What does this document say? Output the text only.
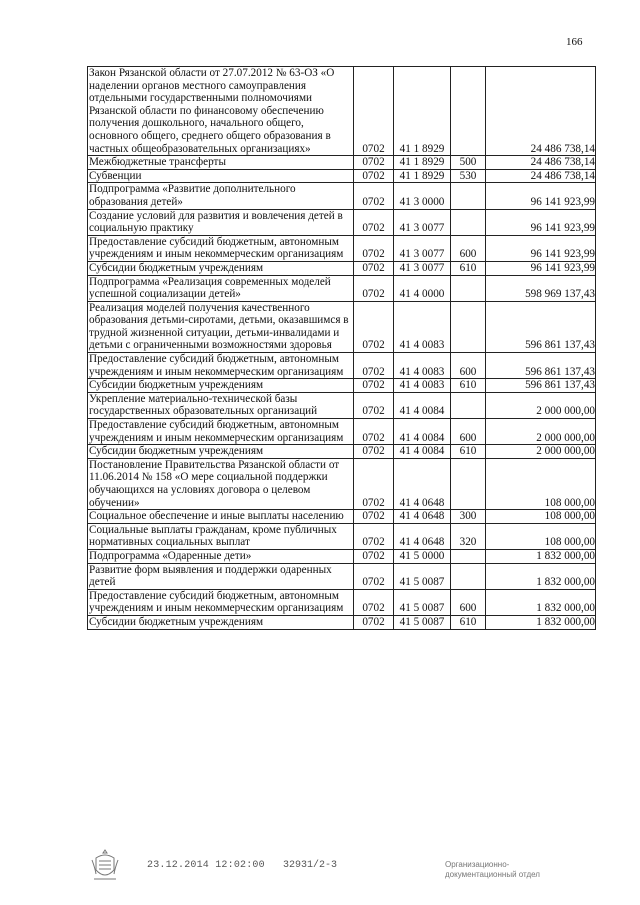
166
Закон Рязанской области от 27.07.2012 № 63-ОЗ «О наделении органов местного самоуправления отдельными государственными полномочиями Рязанской области по финансовому обеспечению получения дошкольного, начального общего, основного общего, среднего общего образования в частных общеобразовательных организациях»	0702	41 1 8929		24 486 738,14
Межбюджетные трансферты	0702	41 1 8929	500	24 486 738,14
Субвенции	0702	41 1 8929	530	24 486 738,14
Подпрограмма «Развитие дополнительного образования детей»	0702	41 3 0000		96 141 923,99
Создание условий для развития и вовлечения детей в социальную практику	0702	41 3 0077		96 141 923,99
Предоставление субсидий бюджетным, автономным учреждениям и иным некоммерческим организациям	0702	41 3 0077	600	96 141 923,99
Субсидии бюджетным учреждениям	0702	41 3 0077	610	96 141 923,99
Подпрограмма «Реализация современных моделей успешной социализации детей»	0702	41 4 0000		598 969 137,43
Реализация моделей получения качественного образования детьми-сиротами, детьми, оказавшимся в трудной жизненной ситуации, детьми-инвалидами и детьми с ограниченными возможностями здоровья	0702	41 4 0083		596 861 137,43
Предоставление субсидий бюджетным, автономным учреждениям и иным некоммерческим организациям	0702	41 4 0083	600	596 861 137,43
Субсидии бюджетным учреждениям	0702	41 4 0083	610	596 861 137,43
Укрепление материально-технической базы государственных образовательных организаций	0702	41 4 0084		2 000 000,00
Предоставление субсидий бюджетным, автономным учреждениям и иным некоммерческим организациям	0702	41 4 0084	600	2 000 000,00
Субсидии бюджетным учреждениям	0702	41 4 0084	610	2 000 000,00
Постановление Правительства Рязанской области от 11.06.2014 № 158 «О мере социальной поддержки обучающихся на условиях договора о целевом обучении»	0702	41 4 0648		108 000,00
Социальное обеспечение и иные выплаты населению	0702	41 4 0648	300	108 000,00
Социальные выплаты гражданам, кроме публичных нормативных социальных выплат	0702	41 4 0648	320	108 000,00
Подпрограмма «Одаренные дети»	0702	41 5 0000		1 832 000,00
Развитие форм выявления и поддержки одаренных детей	0702	41 5 0087		1 832 000,00
Предоставление субсидий бюджетным, автономным учреждениям и иным некоммерческим организациям	0702	41 5 0087	600	1 832 000,00
Субсидии бюджетным учреждениям	0702	41 5 0087	610	1 832 000,00
23.12.2014 12:02:00 32931/2-3	Организационно-
документационный отдел
